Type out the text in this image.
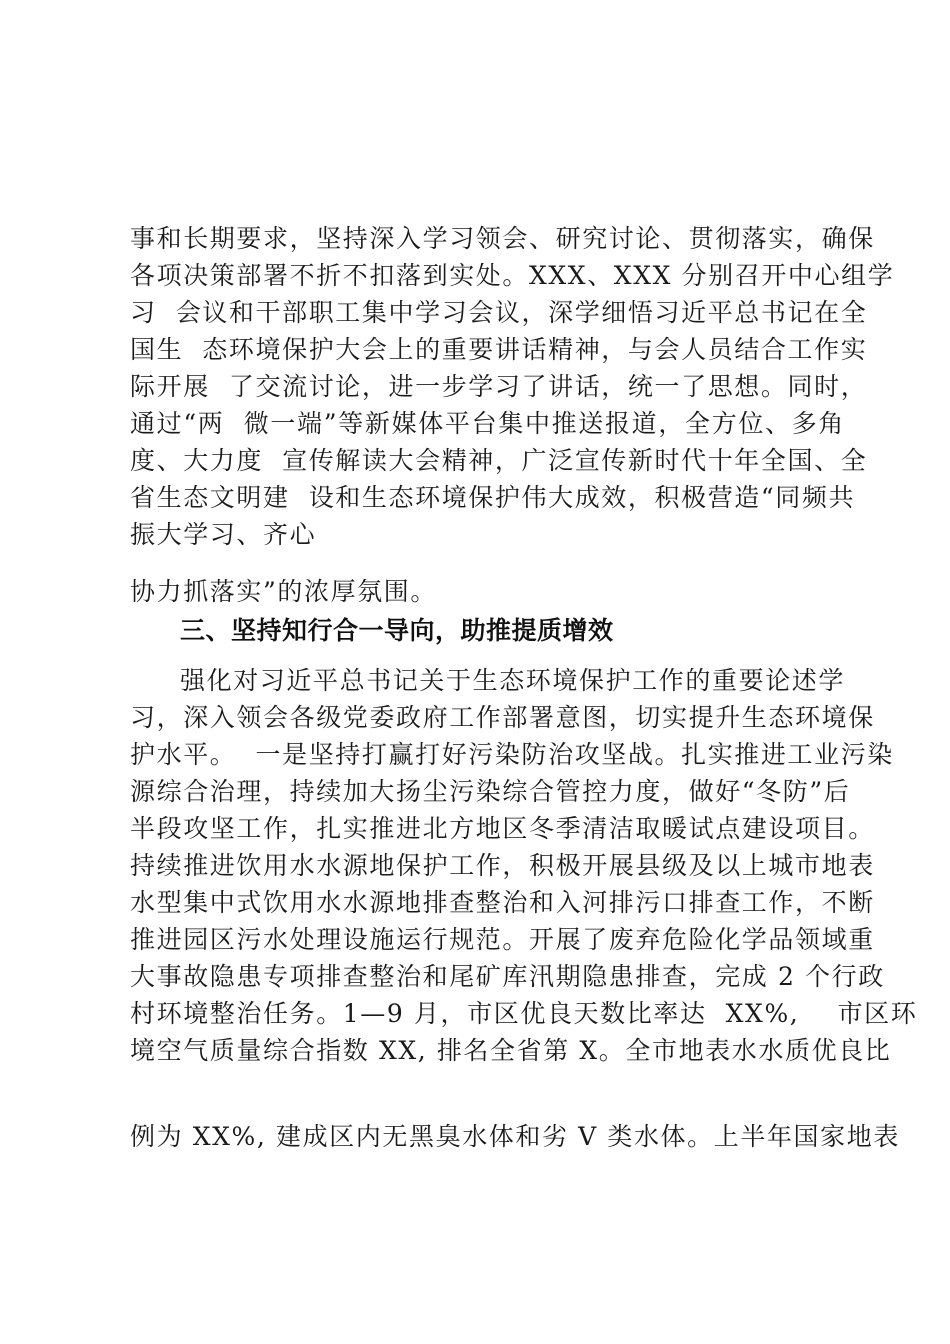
事和长期要求，坚持深入学习领会、研究讨论、贯彻落实，确保
各项决策部署不折不扣落到实处。XXX、XXX 分别召开中心组学
习  会议和干部职工集中学习会议，深学细悟习近平总书记在全
国生  态环境保护大会上的重要讲话精神，与会人员结合工作实
际开展  了交流讨论，进一步学习了讲话，统一了思想。同时，
通过“两  微一端”等新媒体平台集中推送报道，全方位、多角
度、大力度  宣传解读大会精神，广泛宣传新时代十年全国、全
省生态文明建  设和生态环境保护伟大成效，积极营造“同频共
振大学习、齐心
协力抓落实”的浓厚氛围。
三、坚持知行合一导向，助推提质增效
强化对习近平总书记关于生态环境保护工作的重要论述学
习，深入领会各级党委政府工作部署意图，切实提升生态环境保
护水平。  一是坚持打赢打好污染防治攻坚战。扎实推进工业污染
源综合治理，持续加大扬尘污染综合管控力度，做好“冬防”后
半段攻坚工作，扎实推进北方地区冬季清洁取暖试点建设项目。
持续推进饮用水水源地保护工作，积极开展县级及以上城市地表
水型集中式饮用水水源地排查整治和入河排污口排查工作，不断
推进园区污水处理设施运行规范。开展了废弃危险化学品领域重
大事故隐患专项排查整治和尾矿库汛期隐患排查，完成 2 个行政
村环境整治任务。1—9 月，市区优良天数比率达  XX%,    市区环
境空气质量综合指数 XX, 排名全省第 X。全市地表水水质优良比
例为 XX%, 建成区内无黑臭水体和劣 V 类水体。上半年国家地表
